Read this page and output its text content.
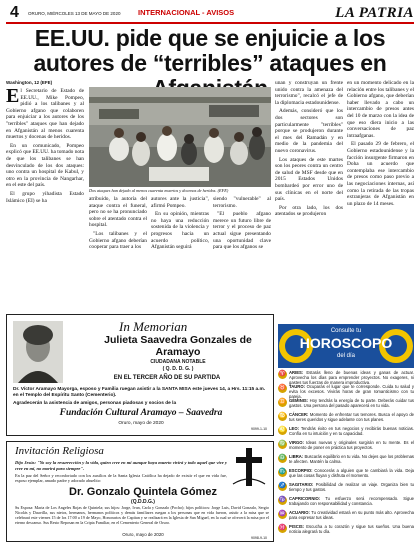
4 ORURO, MIÉRCOLES 13 DE MAYO DE 2020 INTERNACIONAL - AVISOS	LA PATRIA
EE.UU. pide que se enjuicie a los autores de “terribles” ataques en
Washington, 12 (EFE)

El Secretario de Estado de EE.UU., Mike Pompeo, pidió a los talibanes y al Gobierno afgano que colaboren para enjuiciar a los autores de los "terribles" ataques que han dejado en Afganistán al menos cuarenta muertos y docenas de heridos.

En un comunicado, Pompeo explicó que EE.UU. ha tomado nota de que los talibanes se han desvinculado de los dos ataques: uno contra un hospital de Kabul, y otro en la provincia de Nangarhar, en el este del país.

El grupo yihadista Estado Islámico (EI) se ha

Dos ataques han dejado al menos cuarenta muertos y docenas de heridos. (EFE)

atribuido, la autoría del ataque contra el funeral, pero no se ha pronunciado sobre el atentado contra el hospital.

"Los talibanes y el Gobierno afgano deberían cooperar para traer a los

autores ante la justicia", afirmó Pompeo.

En su opinión, mientras no haya una reducción sostenida de la violencia y progresos hacia un acuerdo político, Afganistán seguirá

siendo "vulnerable" al terrorismo.

"El pueblo afgano merece un futuro libre de terror y el proceso de paz actual sigue presentando una oportunidad clave para que los afganos se

unan y construyan un frente unido contra la amenaza del terrorismo", recalcó el jefe de la diplomacia estadounidense.

Además, consideró que los dos sectores son particularmente "terribles" porque se produjeron durante el mes del Ramadán y en medio de la pandemia del nuevo coronavirus.

Los ataques de este martes son los peores contra un centro de salud de MSF desde que en 2015 Estados Unidos bombardeó por error uno de sus clínicas en el norte del país.

Por otra lado, los dos atentados se produjeron

en un momento delicado en la relación entre los talibanes y el Gobierno afgano, que deberían haber llevado a cabo un intercambio de presos antes del 10 de marzo con la idea de que eso diera inicio a las conversaciones de paz intraafganas.

El pasado 29 de febrero, el Gobierno estadounidense y la facción insurgente firmaron en Doha un acuerdo que contemplaba ese intercambio de presos como paso previo a las negociaciones internas, así como la retirada de las tropas extranjeras de Afganistán en un plazo de 14 meses.

In Memorian
Julieta Saavedra Gonzales de Aramayo
CIUDADANA NOTABLE
( Q. D. D. G. )
EN EL TERCER AÑO DE SU PARTIDA
Dr. Víctor Aramayo Mayorga, esposo y Familia ruegan asistir a la SANTA MISA este jueves 14, a Hrs. 11:15 a.m. en el Templo del Espíritu Santo (Cementerio).
Agradecerán la asistencia de amigos, personas piadosas y socios de la
Fundación Cultural Aramayo – Saavedra
Oruro, mayo de 2020
9099-1-10
Invitación Religiosa
Dijo Jesús: "Yo soy la resurrección y la vida, quien cree en mí aunque haya muerto vivirá y todo aquel que vive y cree en mí, no morirá para siempre".
En la paz del Señor y reconfortado con los auxilios de la Santa Iglesia Católica ha dejado de existir el que en vida fue, esposo ejemplar, amado padre y adorado abuelito:
Dr. Gonzalo Quintela Gómez
(Q.D.D.G.)
Su Esposa: Maria de Los Angeles Rojas de Quintela; sus hijos: Jorge, Ivan, Carla y Gonzalo (Pocho); hijos políticos: Jorge Luis, David Gonzalo, Sergio Nicolás y Dauvilla, sus nietos, hermanos, hermanos políticos y demás familiares ruegan a los personas que en vida fueron, asistir a la misa que se celebrará este viernes 15 de los 17:00 a 19 de Mayo, Honorarios de Capitan y se realizará en la Iglesia de San Miguel, en la cual se ofrecerá la misa por el eterno descanso. Sus Resto Reposan en la Cripta Familiar, en el Cementerio General de Oruro.
Oruro, mayo de 2020
9098-9-10
Consulte tu
HOROSCOPO
del día
♈ ARIES: Estarás lleno de buenas ideas y ganas de actuar. Aprovecha los días para emprender proyectos. No exageres, ni gastes tus fuerzas de manera improductiva.
♉ TAURO: Ocuparás el lugar que te corresponde. Cuida tu salud y evita los excesos. Vivirás horas de gran romanticismo con tu pareja.
♊ GÉMINIS: Hoy tendrás la energía de tu parte. Deberás cuidar tus gastos. Una persona del pasado aparecerá en tu vida.
♋ CÁNCER: Momento de enfrentar tus temores. Busca el apoyo de tus seres queridos y sigue adelante con tus planes.
♌ LEO: Tendrás éxito en tus negocios y recibirás buenas noticias. Confía en tu intuición y en tu capacidad.
♍ VIRGO: Ideas nuevas y originales surgirán en tu mente. Es el momento de poner en práctica tus proyectos.
♎ LIBRA: Buscarás equilibrio en tu vida. No dejes que los problemas te afecten. Mantén la calma.
♏ ESCORPIO: Conocerás a alguien que te cambiará la vida. Deja que las cosas fluyan y disfruta el momento.
♐ SAGITARIO: Posibilidad de realizar un viaje. Organiza bien tu tiempo y tus gastos.
♑ CAPRICORNIO: Tu esfuerzo será recompensado. Sigue trabajando con responsabilidad y constancia.
♒ ACUARIO: Tu creatividad estará en su punto más alto. Aprovecha para expresar tus ideas.
♓ PISCIS: Escucha a tu corazón y sigue tus sueños. Una buena noticia alegrará tu día.
